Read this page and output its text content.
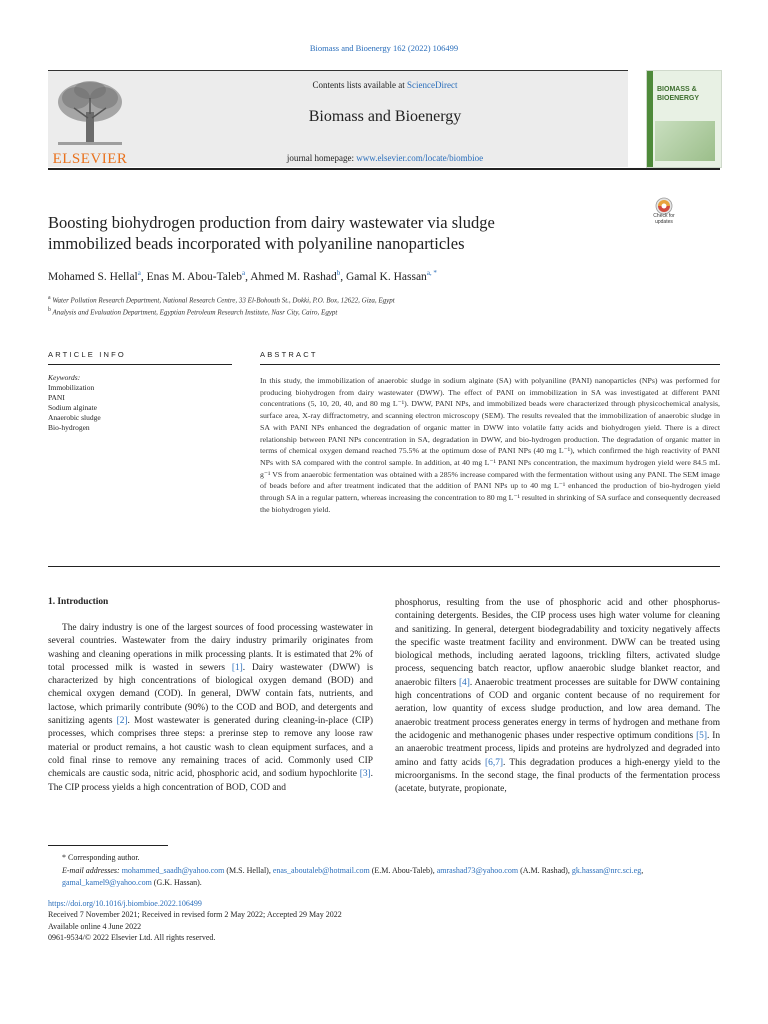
Biomass and Bioenergy 162 (2022) 106499
ELSEVIER
Contents lists available at ScienceDirect
Biomass and Bioenergy
journal homepage: www.elsevier.com/locate/biombioe
BIOMASS &
BIOENERGY
Check for
updates
Boosting biohydrogen production from dairy wastewater via sludge
immobilized beads incorporated with polyaniline nanoparticles
Mohamed S. Hellal$^a$, Enas M. Abou-Taleb$^a$, Ahmed M. Rashad$^b$, Gamal K. Hassan$^{a, *}$
$^a$ Water Pollution Research Department, National Research Centre, 33 El-Bohouth St., Dokki, P.O. Box, 12622, Giza, Egypt
$^b$ Analysis and Evaluation Department, Egyptian Petroleum Research Institute, Nasr City, Cairo, Egypt
ARTICLE INFO	ABSTRACT
Keywords:
Immobilization
PANI
Sodium alginate
Anaerobic sludge
Bio-hydrogen
In this study, the immobilization of anaerobic sludge in sodium alginate (SA) with polyaniline (PANI) nanoparticles (NPs) was performed for producing biohydrogen from dairy wastewater (DWW). The effect of PANI on immobilization in SA was investigated at different PANI concentrations (5, 10, 20, 40, and 80 mg L⁻¹). DWW, PANI NPs, and immobilized beads were characterized through physicochemical analysis, surface area, X-ray diffractometry, and scanning electron microscopy (SEM). The results revealed that the immobilization of anaerobic sludge in SA with PANI NPs enhanced the degradation of organic matter in DWW into volatile fatty acids and biohydrogen yield. There is a direct relationship between PANI NPs concentration in SA, degradation in DWW, and bio-hydrogen production. The degradation of organic matter in terms of chemical oxygen demand reached 75.5% at the optimum dose of PANI NPs (40 mg L⁻¹), which confirmed the high reactivity of PANI NPs with SA compared with the control sample. In addition, at 40 mg L⁻¹ PANI NPs concentration, the maximum hydrogen yield were 84.5 mL g⁻¹ VS from anaerobic fermentation was obtained with a 285% increase compared with the fermentation without using any PANI. The SEM image of beads before and after treatment indicated that the addition of PANI NPs up to 40 mg L⁻¹ enhanced the production of bio-hydrogen yield through SA in a regular pattern, whereas increasing the concentration to 80 mg L⁻¹ resulted in shrinking of SA surface and consequently decreased the biohydrogen yield.
1. Introduction
The dairy industry is one of the largest sources of food processing wastewater in several countries. Wastewater from the dairy industry primarily originates from washing and cleaning operations in milk processing plants. It is estimated that 2% of total processed milk is wasted in sewers [1]. Dairy wastewater (DWW) is characterized by high concentrations of biological oxygen demand (BOD) and chemical oxygen demand (COD). In general, DWW contain fats, nutrients, and lactose, which primarily contribute (90%) to the COD and BOD, and detergents and sanitizing agents [2]. Most wastewater is generated during cleaning-in-place (CIP) processes, which comprises three steps: a prerinse step to remove any loose raw material or product remains, a hot caustic wash to clean equipment surfaces, and a cold final rinse to remove any remaining traces of acid. Commonly used CIP chemicals are caustic soda, nitric acid, phosphoric acid, and sodium hypochlorite [3]. The CIP process yields a high concentration of BOD, COD and
phosphorus, resulting from the use of phosphoric acid and other phosphorus-containing detergents. Besides, the CIP process uses high water volume for cleaning and sanitizing. In general, detergent biodegradability and toxicity negatively affects the specific waste treatment facility and environment. DWW can be treated using biological methods, including aerated lagoons, trickling filters, activated sludge process, sequencing batch reactor, upflow anaerobic sludge blanket reactor, and anaerobic filters [4]. Anaerobic treatment processes are suitable for DWW containing high concentrations of COD and organic content because of no requirement for aeration, low quantity of excess sludge production, and low area demand. The anaerobic treatment process generates energy in terms of hydrogen and methane from the acidogenic and methanogenic phases under respective optimum conditions [5]. In an anaerobic treatment process, lipids and proteins are hydrolyzed and degraded into amino and fatty acids [6,7]. This degradation produces a high-energy yield to the microorganisms. In the second stage, the final products of the fermentation process (acetate, butyrate, propionate,
* Corresponding author.
E-mail addresses: mohammed_saadh@yahoo.com (M.S. Hellal), enas_aboutaleb@hotmail.com (E.M. Abou-Taleb), amrashad73@yahoo.com (A.M. Rashad), gk.hassan@nrc.sci.eg, gamal_kamel9@yahoo.com (G.K. Hassan).
https://doi.org/10.1016/j.biombioe.2022.106499
Received 7 November 2021; Received in revised form 2 May 2022; Accepted 29 May 2022
Available online 4 June 2022
0961-9534/© 2022 Elsevier Ltd. All rights reserved.
